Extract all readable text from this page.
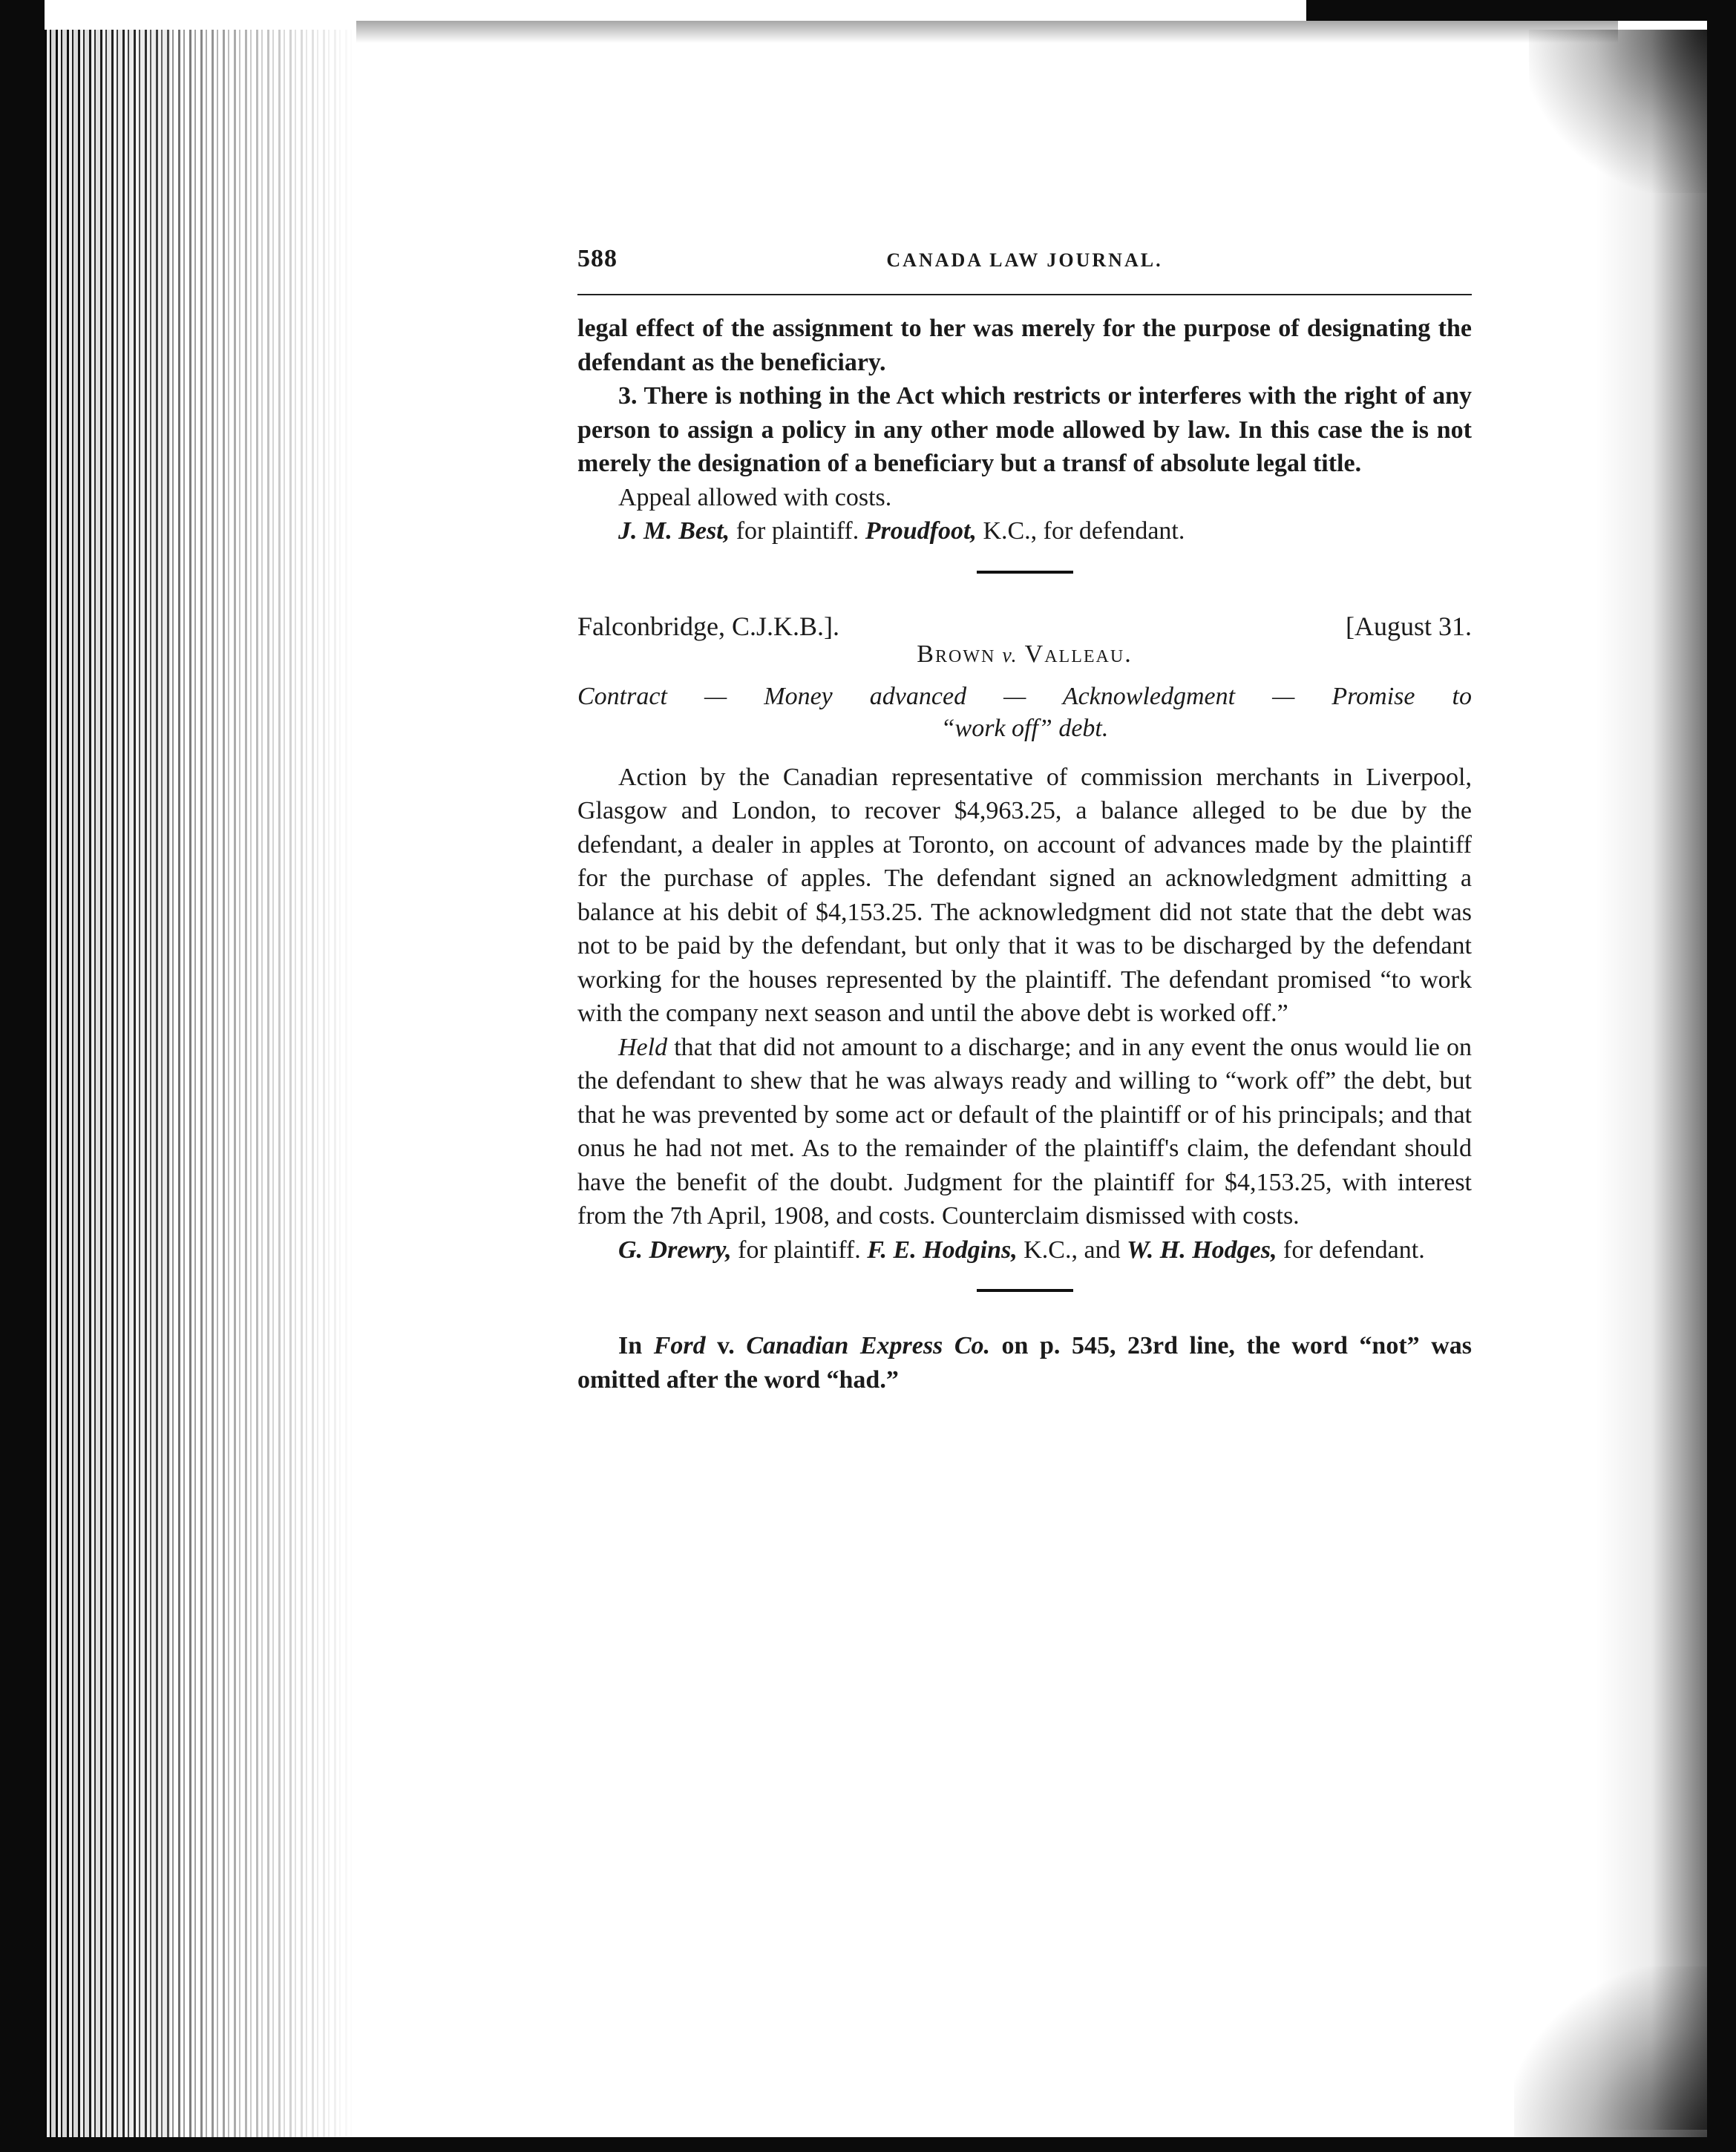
588	CANADA LAW JOURNAL.

legal effect of the assignment to her was merely for the purpose of designating the defendant as the beneficiary.

3. There is nothing in the Act which restricts or interferes with the right of any person to assign a policy in any other mode allowed by law. In this case the is not merely the designation of a beneficiary but a transf of absolute legal title.

Appeal allowed with costs.

J. M. Best, for plaintiff. Proudfoot, K.C., for defendant.

Falconbridge, C.J.K.B.].	[August 31.
Brown v. Valleau.
Contract — Money advanced — Acknowledgment — Promise to
“work off” debt.

Action by the Canadian representative of commission merchants in Liverpool, Glasgow and London, to recover $4,963.25, a balance alleged to be due by the defendant, a dealer in apples at Toronto, on account of advances made by the plaintiff for the purchase of apples. The defendant signed an acknowledgment admitting a balance at his debit of $4,153.25. The acknowledgment did not state that the debt was not to be paid by the defendant, but only that it was to be discharged by the defendant working for the houses represented by the plaintiff. The defendant promised “to work with the company next season and until the above debt is worked off.”

Held that that did not amount to a discharge; and in any event the onus would lie on the defendant to shew that he was always ready and willing to “work off” the debt, but that he was prevented by some act or default of the plaintiff or of his principals; and that onus he had not met. As to the remainder of the plaintiff's claim, the defendant should have the benefit of the doubt. Judgment for the plaintiff for $4,153.25, with interest from the 7th April, 1908, and costs. Counterclaim dismissed with costs.

G. Drewry, for plaintiff. F. E. Hodgins, K.C., and W. H. Hodges, for defendant.

In Ford v. Canadian Express Co. on p. 545, 23rd line, the word “not” was omitted after the word “had.”
